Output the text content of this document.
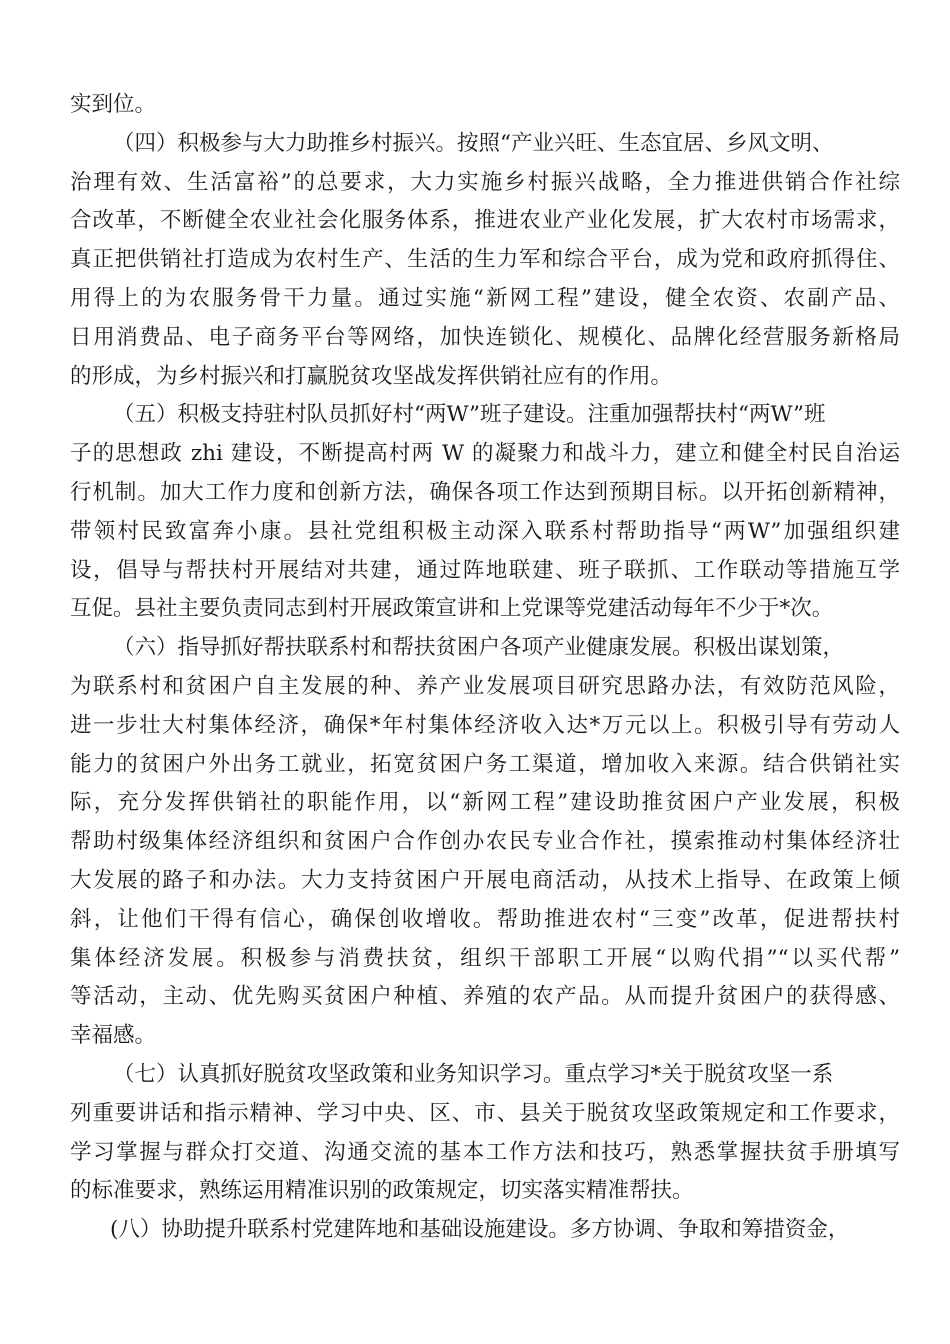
实到位。
（四）积极参与大力助推乡村振兴。按照“产业兴旺、生态宜居、乡风文明、
治理有效、生活富裕”的总要求，大力实施乡村振兴战略，全力推进供销合作社综
合改革，不断健全农业社会化服务体系，推进农业产业化发展，扩大农村市场需求，
真正把供销社打造成为农村生产、生活的生力军和综合平台，成为党和政府抓得住、
用得上的为农服务骨干力量。通过实施“新网工程”建设，健全农资、农副产品、
日用消费品、电子商务平台等网络，加快连锁化、规模化、品牌化经营服务新格局
的形成，为乡村振兴和打赢脱贫攻坚战发挥供销社应有的作用。
（五）积极支持驻村队员抓好村“两W”班子建设。注重加强帮扶村“两W”班
子的思想政 zhi 建设，不断提高村两 W 的凝聚力和战斗力，建立和健全村民自治运
行机制。加大工作力度和创新方法，确保各项工作达到预期目标。以开拓创新精神，
带领村民致富奔小康。县社党组积极主动深入联系村帮助指导“两W”加强组织建
设，倡导与帮扶村开展结对共建，通过阵地联建、班子联抓、工作联动等措施互学
互促。县社主要负责同志到村开展政策宣讲和上党课等党建活动每年不少于*次。
（六）指导抓好帮扶联系村和帮扶贫困户各项产业健康发展。积极出谋划策，
为联系村和贫困户自主发展的种、养产业发展项目研究思路办法，有效防范风险，
进一步壮大村集体经济，确保*年村集体经济收入达*万元以上。积极引导有劳动人
能力的贫困户外出务工就业，拓宽贫困户务工渠道，增加收入来源。结合供销社实
际，充分发挥供销社的职能作用，以“新网工程”建设助推贫困户产业发展，积极
帮助村级集体经济组织和贫困户合作创办农民专业合作社，摸索推动村集体经济壮
大发展的路子和办法。大力支持贫困户开展电商活动，从技术上指导、在政策上倾
斜，让他们干得有信心，确保创收增收。帮助推进农村“三变”改革，促进帮扶村
集体经济发展。积极参与消费扶贫，组织干部职工开展“以购代捐”“以买代帮”
等活动，主动、优先购买贫困户种植、养殖的农产品。从而提升贫困户的获得感、
幸福感。
（七）认真抓好脱贫攻坚政策和业务知识学习。重点学习*关于脱贫攻坚一系
列重要讲话和指示精神、学习中央、区、市、县关于脱贫攻坚政策规定和工作要求，
学习掌握与群众打交道、沟通交流的基本工作方法和技巧，熟悉掌握扶贫手册填写
的标准要求，熟练运用精准识别的政策规定，切实落实精准帮扶。
(八）协助提升联系村党建阵地和基础设施建设。多方协调、争取和筹措资金，
